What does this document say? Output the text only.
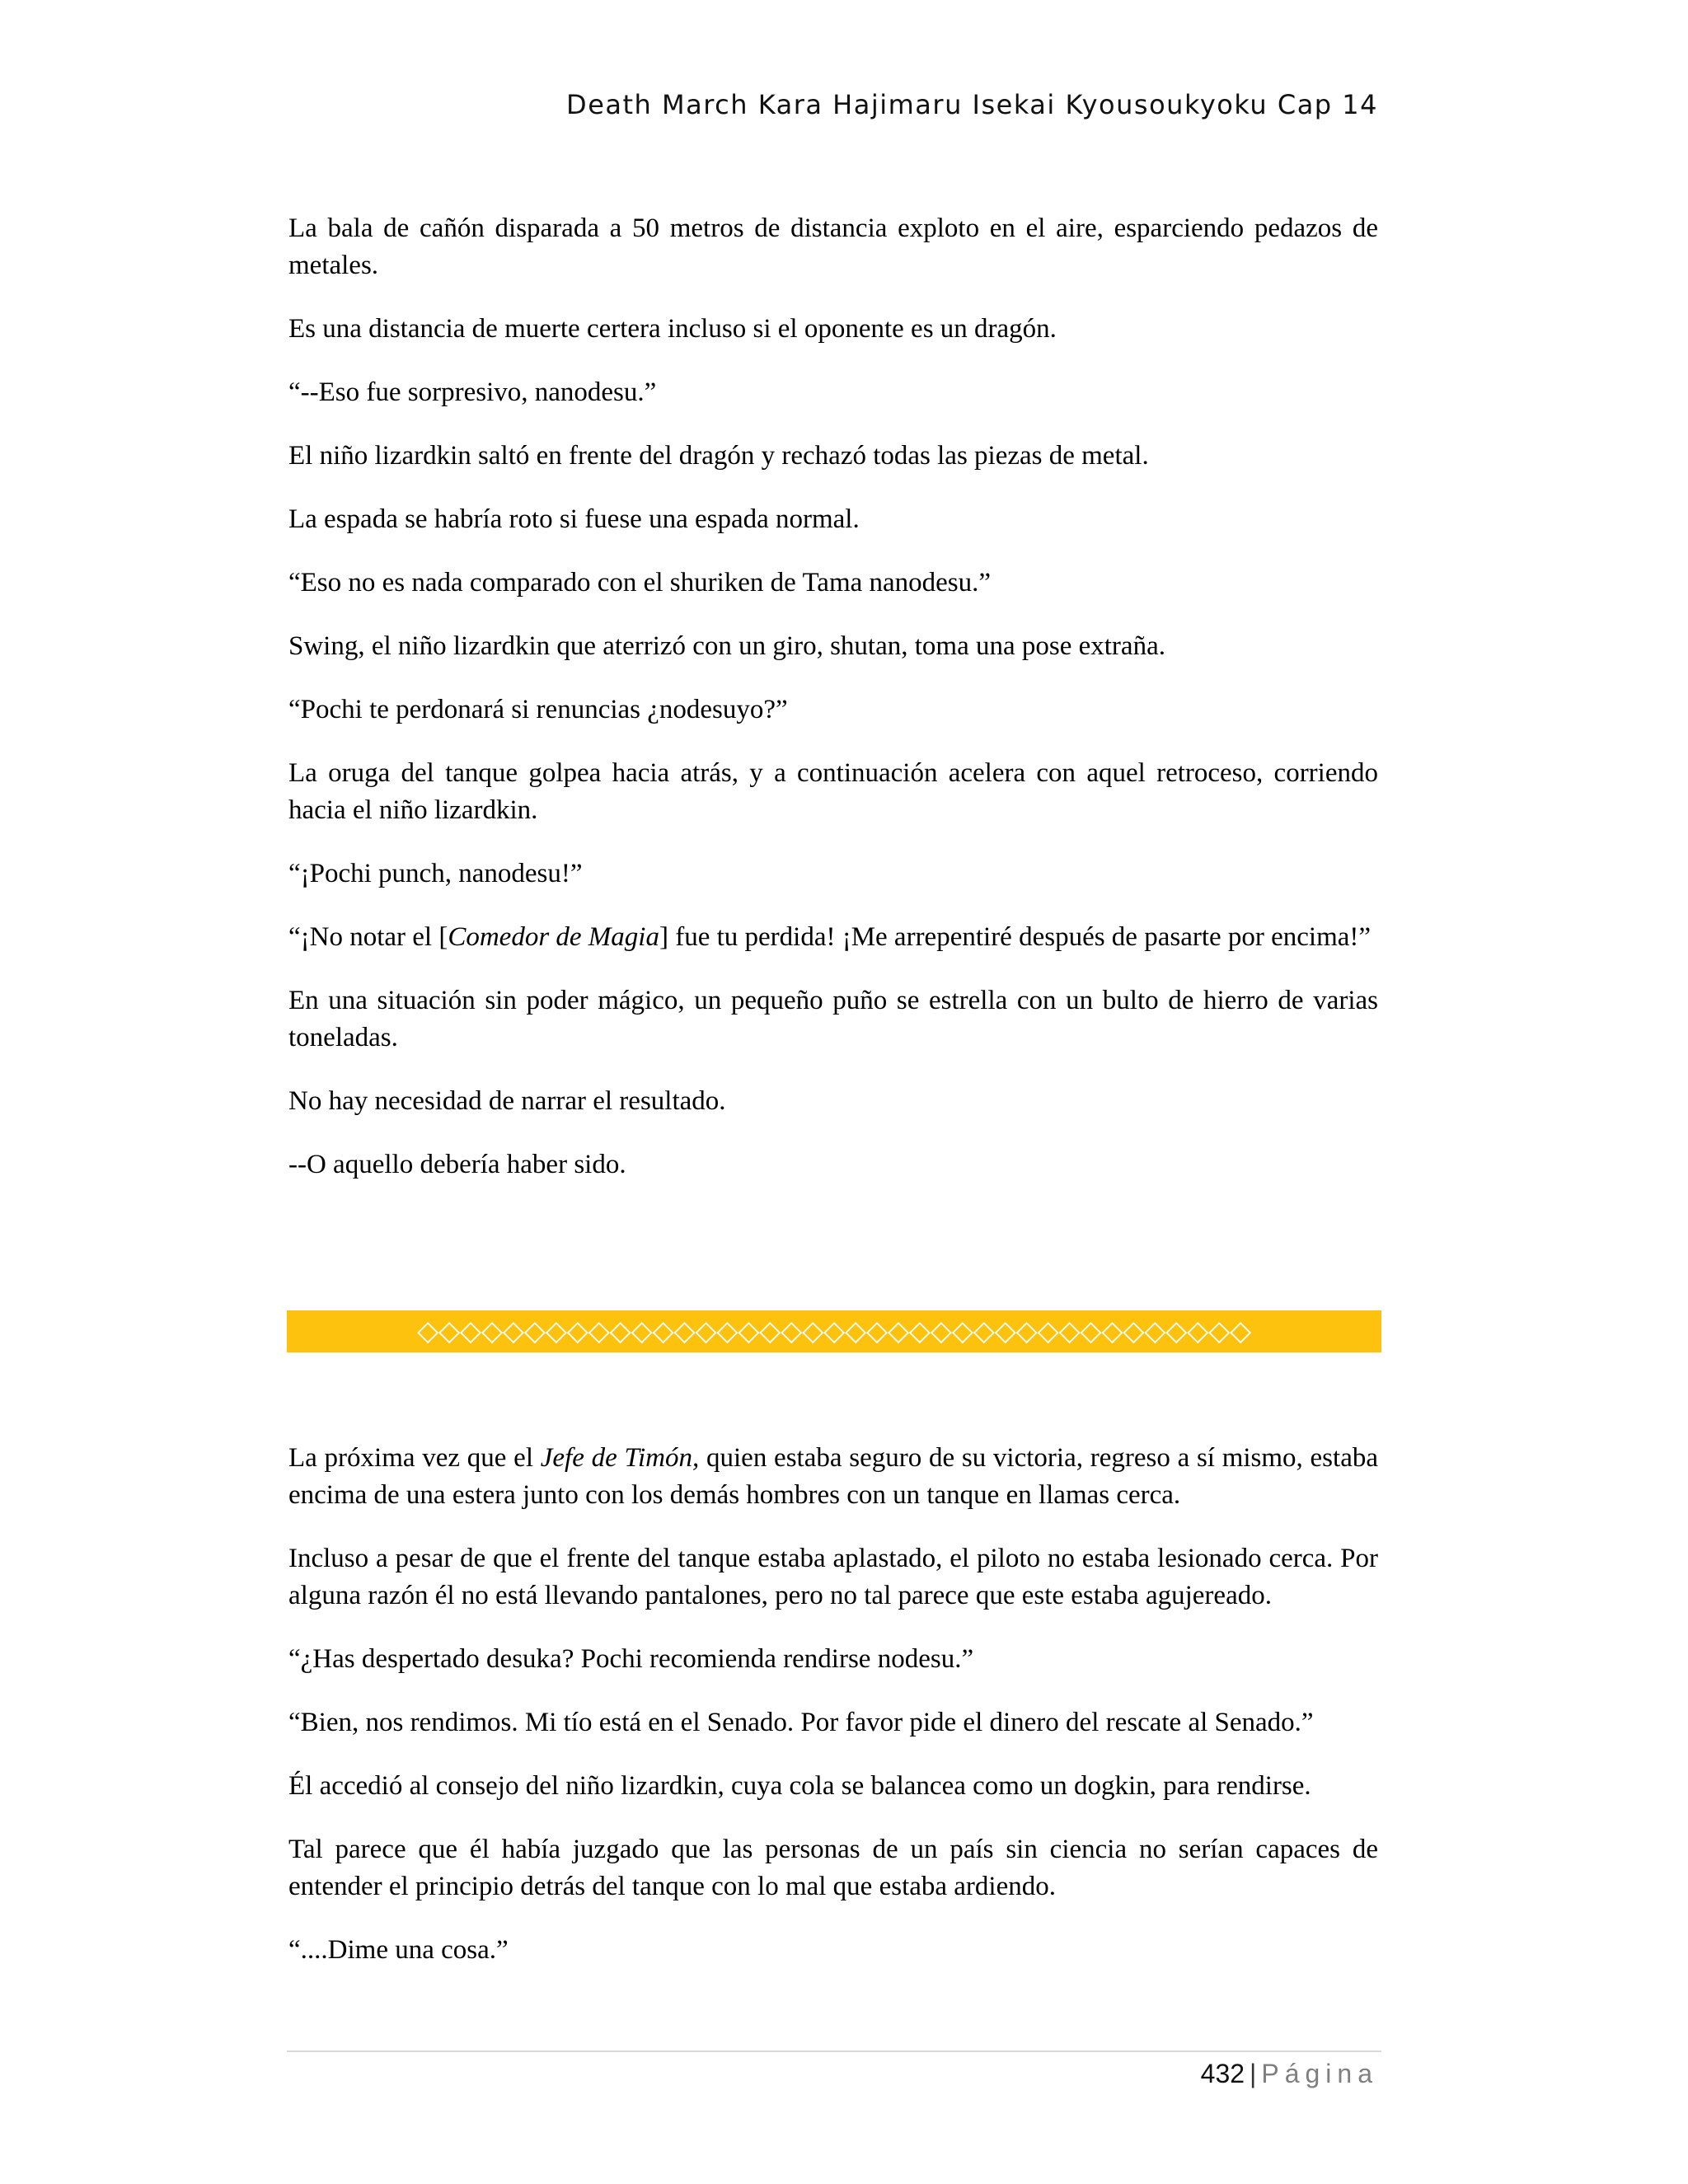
Death March Kara Hajimaru Isekai Kyousoukyoku Cap 14

La bala de cañón disparada a 50 metros de distancia exploto en el aire, esparciendo pedazos de metales.

Es una distancia de muerte certera incluso si el oponente es un dragón.

“--Eso fue sorpresivo, nanodesu.”

El niño lizardkin saltó en frente del dragón y rechazó todas las piezas de metal.

La espada se habría roto si fuese una espada normal.

“Eso no es nada comparado con el shuriken de Tama nanodesu.”

Swing, el niño lizardkin que aterrizó con un giro, shutan, toma una pose extraña.

“Pochi te perdonará si renuncias ¿nodesuyo?”

La oruga del tanque golpea hacia atrás, y a continuación acelera con aquel retroceso, corriendo hacia el niño lizardkin.

“¡Pochi punch, nanodesu!”

“¡No notar el [Comedor de Magia] fue tu perdida! ¡Me arrepentiré después de pasarte por encima!”

En una situación sin poder mágico, un pequeño puño se estrella con un bulto de hierro de varias toneladas.

No hay necesidad de narrar el resultado.

--O aquello debería haber sido.

◇◇◇◇◇◇◇◇◇◇◇◇◇◇◇◇◇◇◇◇◇◇◇◇◇◇◇◇◇◇◇◇◇◇◇◇◇◇◇

La próxima vez que el Jefe de Timón, quien estaba seguro de su victoria, regreso a sí mismo, estaba encima de una estera junto con los demás hombres con un tanque en llamas cerca.

Incluso a pesar de que el frente del tanque estaba aplastado, el piloto no estaba lesionado cerca. Por alguna razón él no está llevando pantalones, pero no tal parece que este estaba agujereado.

“¿Has despertado desuka? Pochi recomienda rendirse nodesu.”

“Bien, nos rendimos. Mi tío está en el Senado. Por favor pide el dinero del rescate al Senado.”

Él accedió al consejo del niño lizardkin, cuya cola se balancea como un dogkin, para rendirse.

Tal parece que él había juzgado que las personas de un país sin ciencia no serían capaces de entender el principio detrás del tanque con lo mal que estaba ardiendo.

“....Dime una cosa.”

432 | Página
